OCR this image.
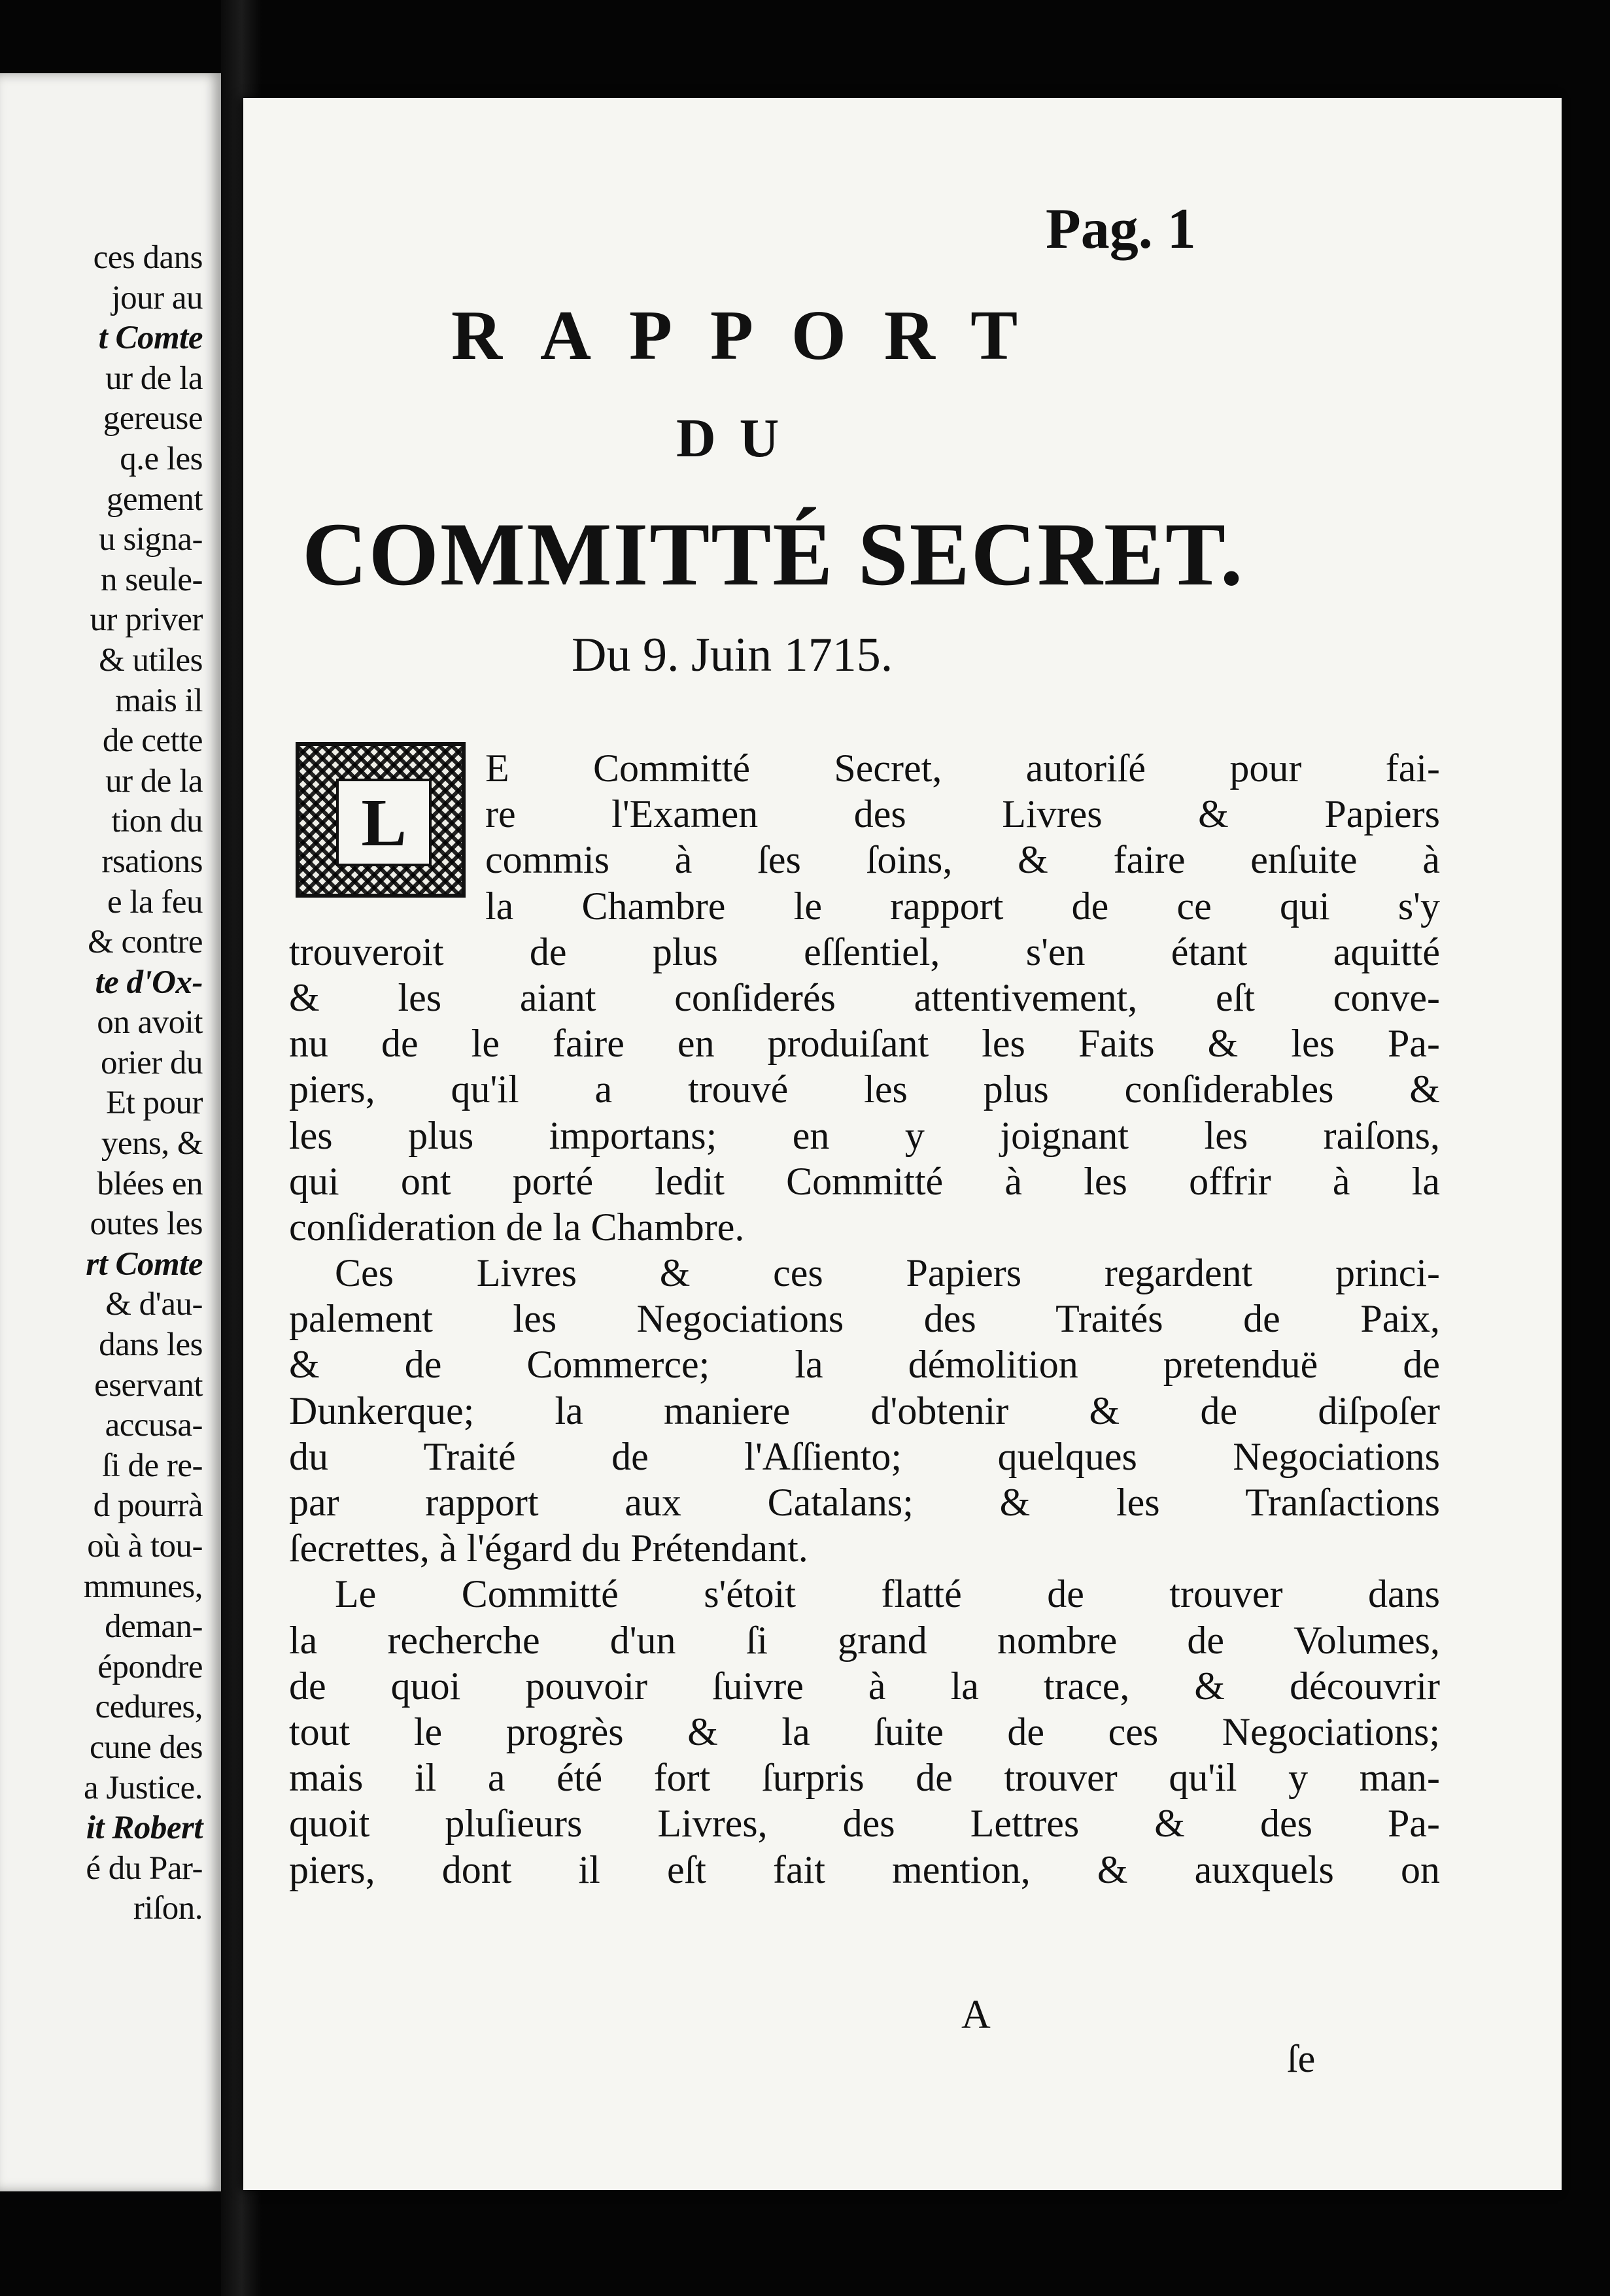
ces dans
jour au
t Comte
ur de la
gereuse
q.e les
gement
u signa-
n seule-
ur priver
& utiles
mais il
de cette
ur de la
tion du
rsations
e la feu
& contre
te d'Ox-
on avoit
orier du
Et pour
yens, &
blées en
outes les
rt Comte
& d'au-
dans les
eservant
accusa-
ſi de re-
d pourrà
où à tou-
mmunes,
deman-
épondre
cedures,
cune des
a Justice.
it Robert
é du Par-
riſon.

Pag. 1
RAPPORT
DU
COMMITTÉ SECRET.
Du 9. Juin 1715.
L
E Committé Secret, autoriſé pour fai-
re l'Examen des Livres & Papiers
commis à ſes ſoins, & faire enſuite à
la Chambre le rapport de ce qui s'y
trouveroit de plus eſſentiel, s'en étant aquitté
& les aiant conſiderés attentivement, eſt conve-
nu de le faire en produiſant les Faits & les Pa-
piers, qu'il a trouvé les plus conſiderables &
les plus importans; en y joignant les raiſons,
qui ont porté ledit Committé à les offrir à la
conſideration de la Chambre.
Ces Livres & ces Papiers regardent princi-
palement les Negociations des Traités de Paix,
& de Commerce; la démolition pretenduë de
Dunkerque; la maniere d'obtenir & de diſpoſer
du Traité de l'Aſſiento; quelques Negociations
par rapport aux Catalans; & les Tranſactions
ſecrettes, à l'égard du Prétendant.
Le Committé s'étoit flatté de trouver dans
la recherche d'un ſi grand nombre de Volumes,
de quoi pouvoir ſuivre à la trace, & découvrir
tout le progrès & la ſuite de ces Negociations;
mais il a été fort ſurpris de trouver qu'il y man-
quoit pluſieurs Livres, des Lettres & des Pa-
piers, dont il eſt fait mention, & auxquels on
A
ſe
